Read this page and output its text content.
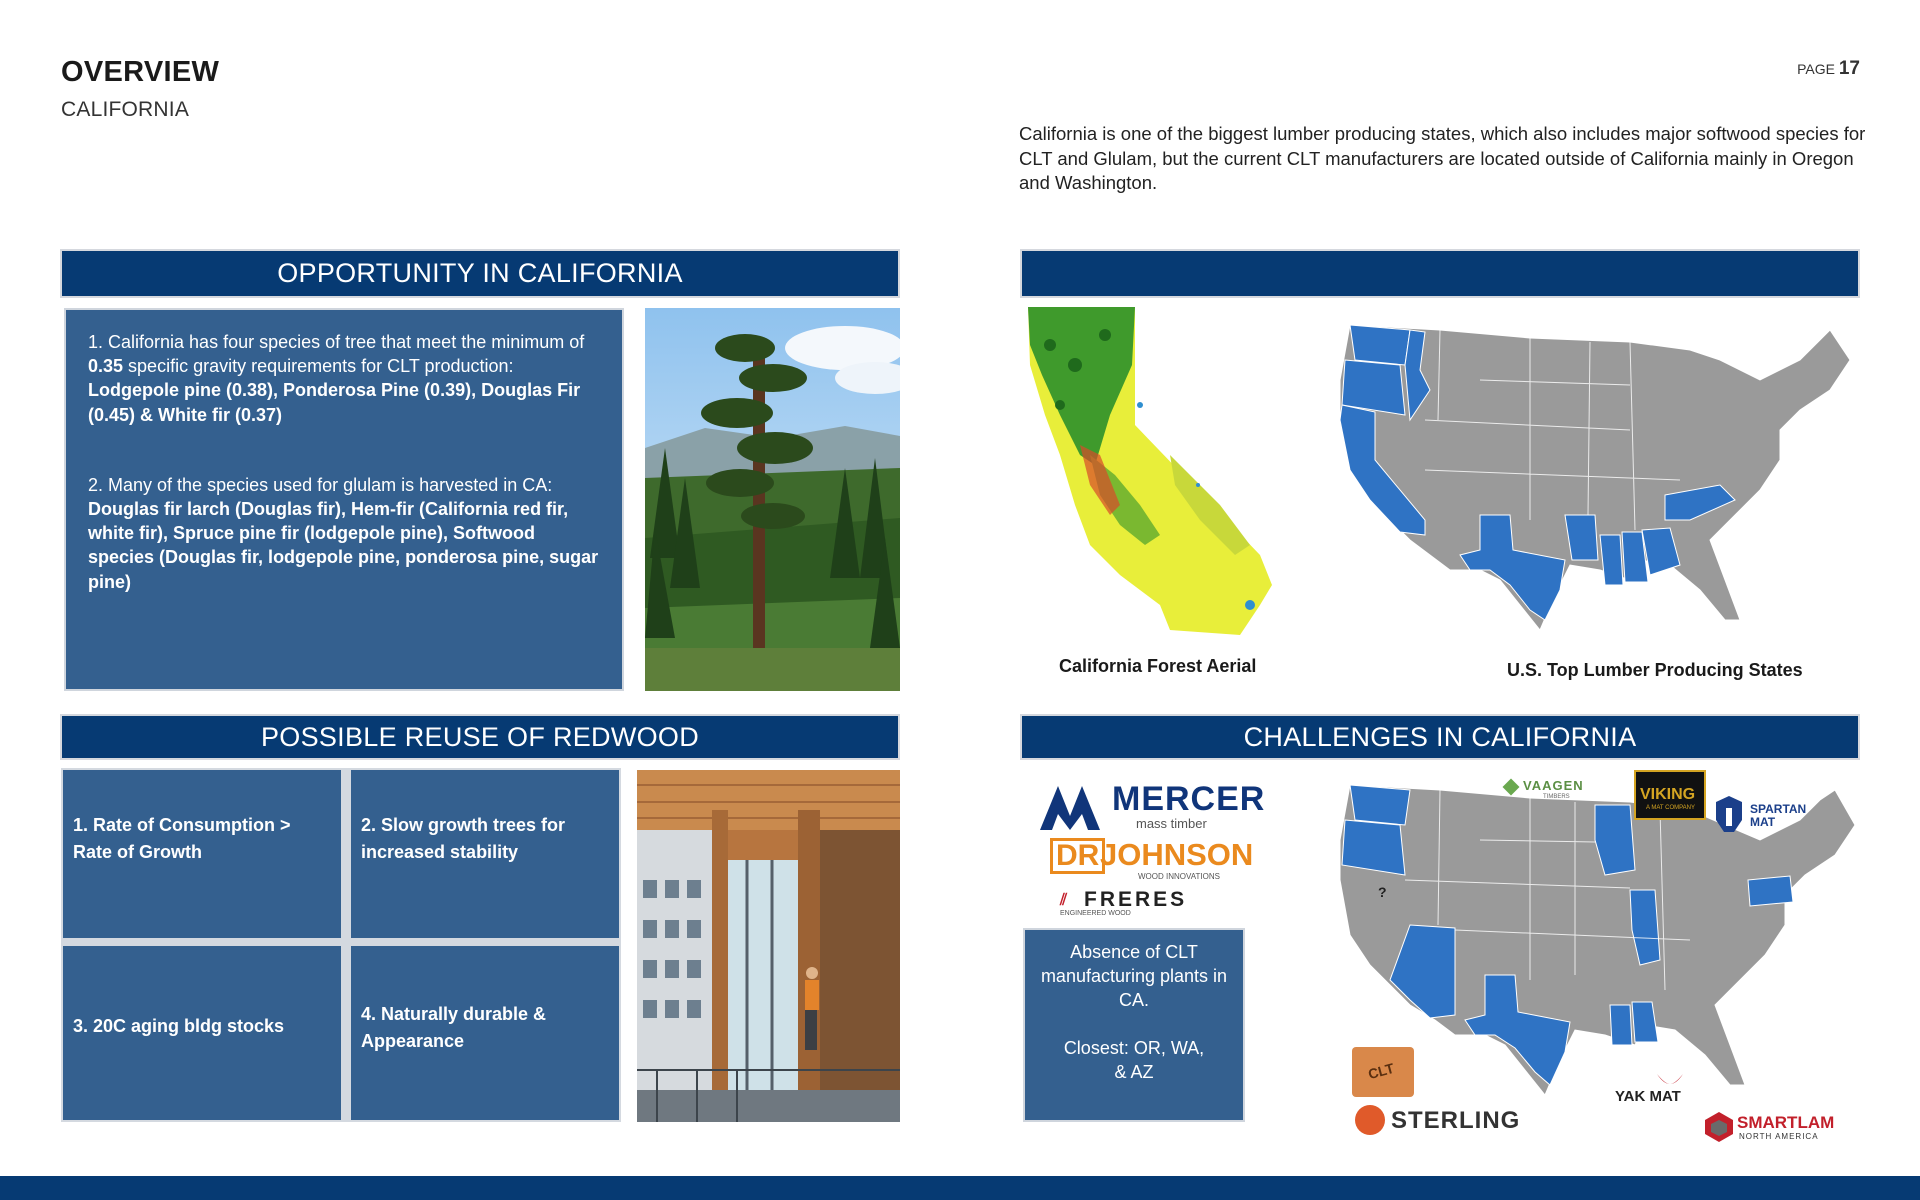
OVERVIEW
CALIFORNIA
PAGE 17
California is one of the biggest lumber producing states, which also includes major softwood species for CLT and Glulam, but the current CLT manufacturers are located outside of California mainly in Oregon and Washington.
OPPORTUNITY IN CALIFORNIA

1. California has four species of tree that meet the minimum of 0.35 specific gravity requirements for CLT production: Lodgepole pine (0.38), Ponderosa Pine (0.39), Douglas Fir (0.45) & White fir (0.37)

2. Many of the species used for glulam is harvested in CA: Douglas fir larch (Douglas fir), Hem-fir (California red fir, white fir), Spruce pine fir (lodgepole pine), Softwood species (Douglas fir, lodgepole pine, ponderosa pine, sugar pine)

California Forest Aerial	U.S. Top Lumber Producing States
POSSIBLE REUSE OF REDWOOD
1. Rate of Consumption > Rate of Growth
2. Slow growth trees for increased stability
3. 20C aging bldg stocks
4. Naturally durable & Appearance
CHALLENGES IN CALIFORNIA
MERCER
mass timber
DR JOHNSON
WOOD INNOVATIONS
⫽ FRERES
ENGINEERED WOOD
Absence of CLT manufacturing plants in CA.
Closest: OR, WA, & AZ
?
VAAGEN
TIMBERS	VIKING
A MAT COMPANY	SPARTAN
MAT
CLT
STERLING
YAK MAT
SMARTLAM
NORTH AMERICA
